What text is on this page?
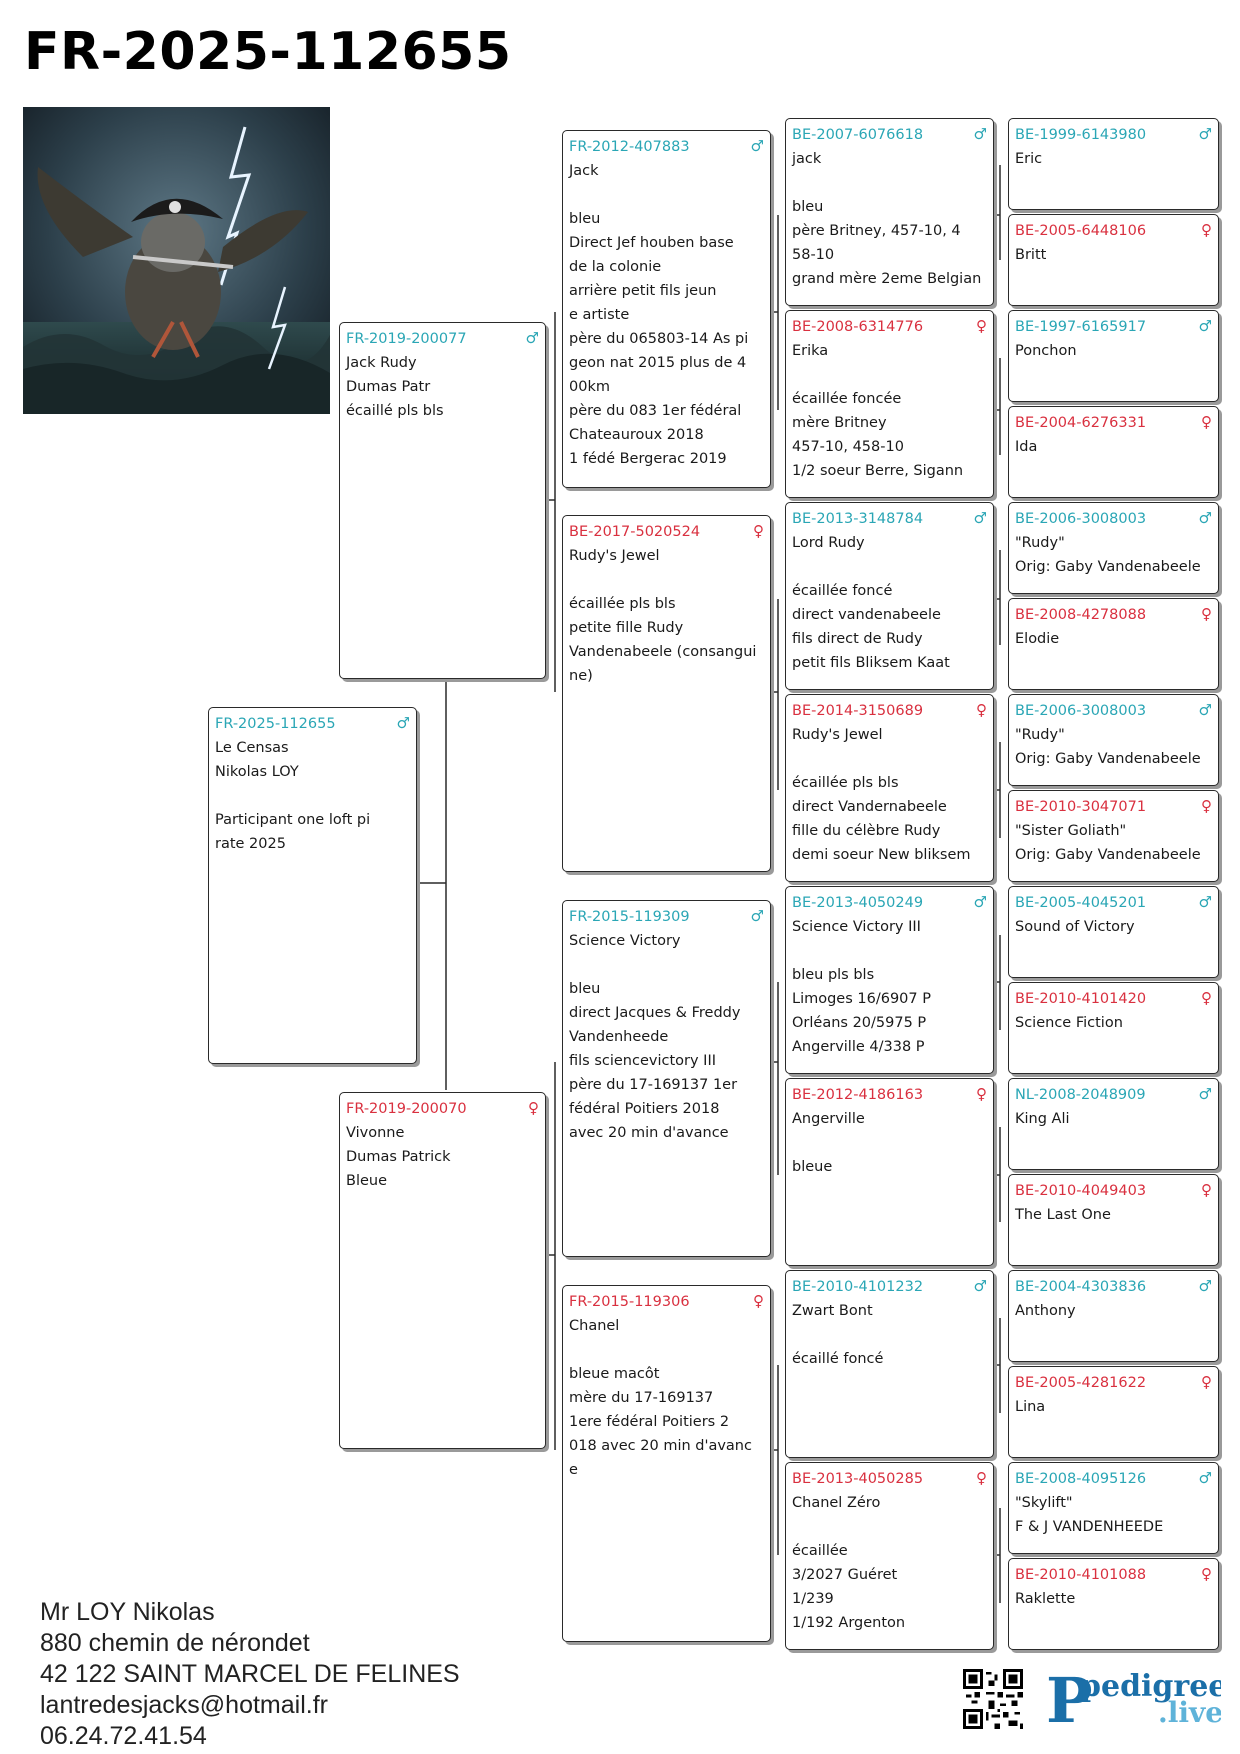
FR-2025-112655
♂
FR-2025-112655
Le Censas
Nikolas LOY
Participant one loft pi
rate 2025
♂
FR-2019-200077
Jack Rudy
Dumas Patr
écaillé pls bls
♀
FR-2019-200070
Vivonne
Dumas Patrick
Bleue
♂
FR-2012-407883
Jack
bleu
Direct Jef houben base
de la colonie
arrière petit fils jeun
e artiste
père du 065803-14 As pi
geon nat 2015 plus de 4
00km
père du 083 1er fédéral
Chateauroux 2018
1 fédé Bergerac 2019
♀
BE-2017-5020524
Rudy's Jewel
écaillée pls bls
petite fille Rudy
Vandenabeele (consangui
ne)
♂
FR-2015-119309
Science Victory
bleu
direct Jacques & Freddy
Vandenheede
fils sciencevictory III
père du 17-169137 1er
fédéral Poitiers 2018
avec 20 min d'avance
♀
FR-2015-119306
Chanel
bleue macôt
mère du 17-169137
1ere fédéral Poitiers 2
018 avec 20 min d'avanc
e
♂
BE-2007-6076618
jack
bleu
père Britney, 457-10, 4
58-10
grand mère 2eme Belgian
♀
BE-2008-6314776
Erika
écaillée foncée
mère Britney
457-10, 458-10
1/2 soeur Berre, Sigann
♂
BE-2013-3148784
Lord Rudy
écaillée foncé
direct vandenabeele
fils direct de Rudy
petit fils Bliksem Kaat
♀
BE-2014-3150689
Rudy's Jewel
écaillée pls bls
direct Vandernabeele
fille du célèbre Rudy
demi soeur New bliksem
♂
BE-2013-4050249
Science Victory III
bleu pls bls
Limoges 16/6907 P
Orléans 20/5975 P
Angerville 4/338 P
♀
BE-2012-4186163
Angerville
bleue
♂
BE-2010-4101232
Zwart Bont
écaillé foncé
♀
BE-2013-4050285
Chanel Zéro
écaillée
3/2027 Guéret
1/239
1/192 Argenton
♂
BE-1999-6143980
Eric
♀
BE-2005-6448106
Britt
♂
BE-1997-6165917
Ponchon
♀
BE-2004-6276331
Ida
♂
BE-2006-3008003
"Rudy"
Orig: Gaby Vandenabeele
♀
BE-2008-4278088
Elodie
♂
BE-2006-3008003
"Rudy"
Orig: Gaby Vandenabeele
♀
BE-2010-3047071
"Sister Goliath"
Orig: Gaby Vandenabeele
♂
BE-2005-4045201
Sound of Victory
♀
BE-2010-4101420
Science Fiction
♂
NL-2008-2048909
King Ali
♀
BE-2010-4049403
The Last One
♂
BE-2004-4303836
Anthony
♀
BE-2005-4281622
Lina
♂
BE-2008-4095126
"Skylift"
F & J VANDENHEEDE
♀
BE-2010-4101088
Raklette
Mr LOY Nikolas
880 chemin de nérondet
42 122 SAINT MARCEL DE FELINES
lantredesjacks@hotmail.fr
06.24.72.41.54	P
pedigree
.live
